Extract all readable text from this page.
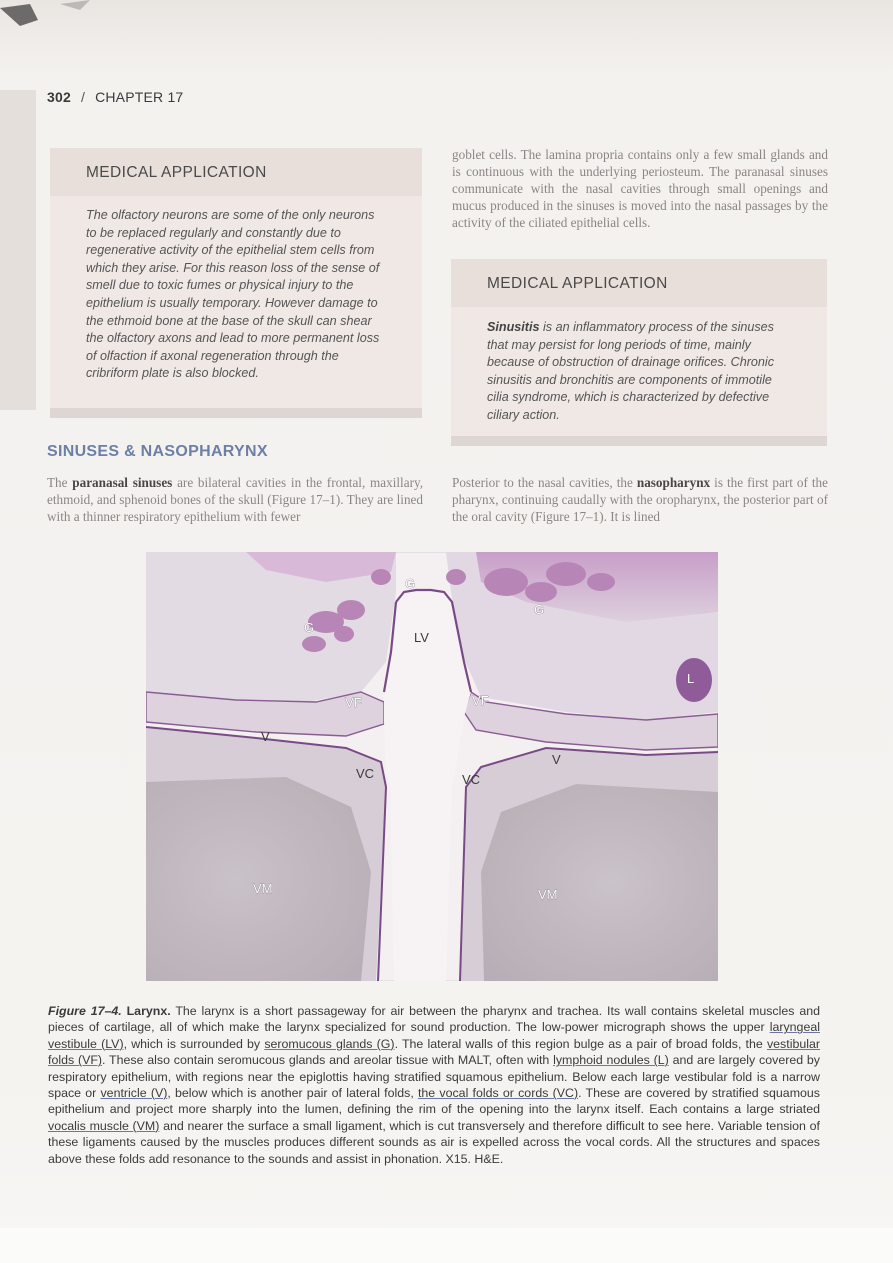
302 / CHAPTER 17
MEDICAL APPLICATION
The olfactory neurons are some of the only neurons to be replaced regularly and constantly due to regenerative activity of the epithelial stem cells from which they arise. For this reason loss of the sense of smell due to toxic fumes or physical injury to the epithelium is usually temporary. However damage to the ethmoid bone at the base of the skull can shear the olfactory axons and lead to more permanent loss of olfaction if axonal regeneration through the cribriform plate is also blocked.
goblet cells. The lamina propria contains only a few small glands and is continuous with the underlying periosteum. The paranasal sinuses communicate with the nasal cavities through small openings and mucus produced in the sinuses is moved into the nasal passages by the activity of the ciliated epithelial cells.
MEDICAL APPLICATION
Sinusitis is an inflammatory process of the sinuses that may persist for long periods of time, mainly because of obstruction of drainage orifices. Chronic sinusitis and bronchitis are components of immotile cilia syndrome, which is characterized by defective ciliary action.
SINUSES & NASOPHARYNX
The paranasal sinuses are bilateral cavities in the frontal, maxillary, ethmoid, and sphenoid bones of the skull (Figure 17–1). They are lined with a thinner respiratory epithelium with fewer
Posterior to the nasal cavities, the nasopharynx is the first part of the pharynx, continuing caudally with the oropharynx, the posterior part of the oral cavity (Figure 17–1). It is lined
G
G
G
LV
L
VF	VF
V
V
VC	VC
VM	VM
Figure 17–4. Larynx. The larynx is a short passageway for air between the pharynx and trachea. Its wall contains skeletal muscles and pieces of cartilage, all of which make the larynx specialized for sound production. The low-power micrograph shows the upper laryngeal vestibule (LV), which is surrounded by seromucous glands (G). The lateral walls of this region bulge as a pair of broad folds, the vestibular folds (VF). These also contain seromucous glands and areolar tissue with MALT, often with lymphoid nodules (L) and are largely covered by respiratory epithelium, with regions near the epiglottis having stratified squamous epithelium. Below each large vestibular fold is a narrow space or ventricle (V), below which is another pair of lateral folds, the vocal folds or cords (VC). These are covered by stratified squamous epithelium and project more sharply into the lumen, defining the rim of the opening into the larynx itself. Each contains a large striated vocalis muscle (VM) and nearer the surface a small ligament, which is cut transversely and therefore difficult to see here. Variable tension of these ligaments caused by the muscles produces different sounds as air is expelled across the vocal cords. All the structures and spaces above these folds add resonance to the sounds and assist in phonation. X15. H&E.
